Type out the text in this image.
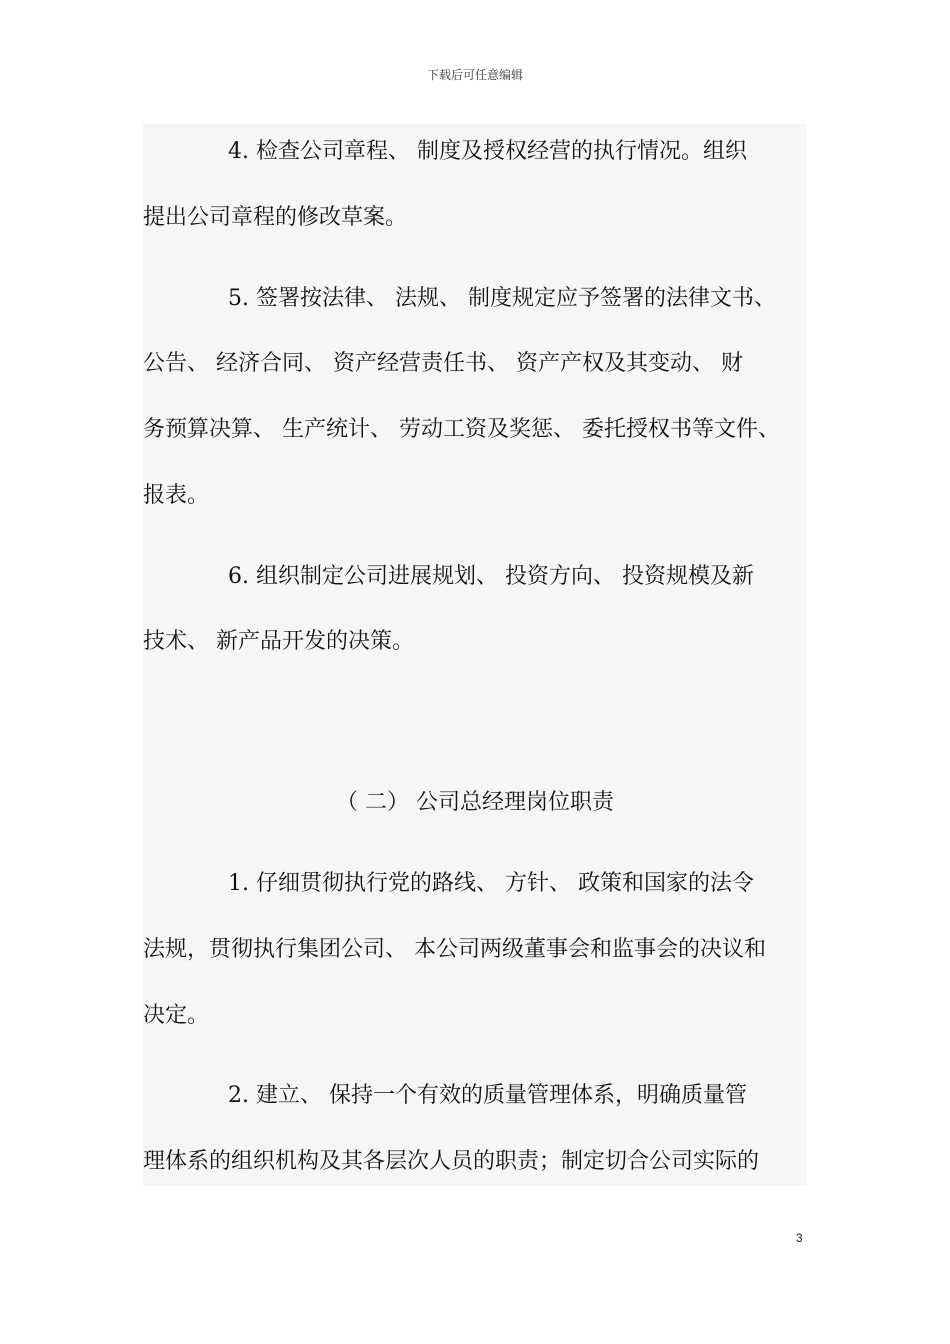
下载后可任意编辑
4. 检查公司章程、 制度及授权经营的执行情况。组织
提出公司章程的修改草案。
5. 签署按法律、 法规、 制度规定应予签署的法律文书、
公告、 经济合同、 资产经营责任书、 资产产权及其变动、 财
务预算决算、 生产统计、 劳动工资及奖惩、 委托授权书等文件、
报表。
6. 组织制定公司进展规划、 投资方向、 投资规模及新
技术、 新产品开发的决策。
（ 二） 公司总经理岗位职责
1. 仔细贯彻执行党的路线、 方针、 政策和国家的法令
法规，贯彻执行集团公司、 本公司两级董事会和监事会的决议和
决定。
2. 建立、 保持一个有效的质量管理体系，明确质量管
理体系的组织机构及其各层次人员的职责；制定切合公司实际的
3
